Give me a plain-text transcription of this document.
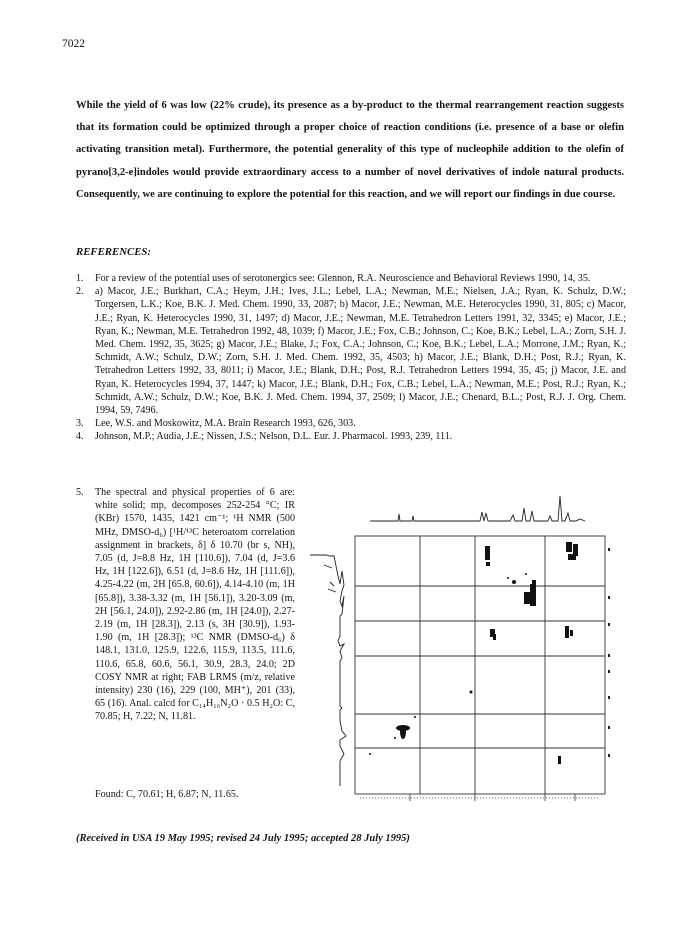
7022
While the yield of 6 was low (22% crude), its presence as a by-product to the thermal rearrangement reaction suggests that its formation could be optimized through a proper choice of reaction conditions (i.e. presence of a base or olefin activating transition metal). Furthermore, the potential generality of this type of nucleophile addition to the olefin of pyrano[3,2-e]indoles would provide extraordinary access to a number of novel derivatives of indole natural products. Consequently, we are continuing to explore the potential for this reaction, and we will report our findings in due course.
REFERENCES:
1. For a review of the potential uses of serotonergics see: Glennon, R.A. Neuroscience and Behavioral Reviews 1990, 14, 35.
2. a) Macor, J.E.; Burkhart, C.A.; Heym, J.H.; Ives, J.L.; Lebel, L.A.; Newman, M.E.; Nielsen, J.A.; Ryan, K. Schulz, D.W.; Torgersen, L.K.; Koe, B.K. J. Med. Chem. 1990, 33, 2087; b) Macor, J.E.; Newman, M.E. Heterocycles 1990, 31, 805; c) Macor, J.E.; Ryan, K. Heterocycles 1990, 31, 1497; d) Macor, J.E.; Newman, M.E. Tetrahedron Letters 1991, 32, 3345; e) Macor, J.E.; Ryan, K.; Newman, M.E. Tetrahedron 1992, 48, 1039; f) Macor, J.E.; Fox, C.B.; Johnson, C.; Koe, B.K.; Lebel, L.A.; Zorn, S.H. J. Med. Chem. 1992, 35, 3625; g) Macor, J.E.; Blake, J.; Fox, C.A.; Johnson, C.; Koe, B.K.; Lebel, L.A.; Morrone, J.M.; Ryan, K.; Schmidt, A.W.; Schulz, D.W.; Zorn, S.H. J. Med. Chem. 1992, 35, 4503; h) Macor, J.E.; Blank, D.H.; Post, R.J.; Ryan, K. Tetrahedron Letters 1992, 33, 8011; i) Macor, J.E.; Blank, D.H.; Post, R.J. Tetrahedron Letters 1994, 35, 45; j) Macor, J.E. and Ryan, K. Heterocycles 1994, 37, 1447; k) Macor, J.E.; Blank, D.H.; Fox, C.B.; Lebel, L.A.; Newman, M.E.; Post, R.J.; Ryan, K.; Schmidt, A.W.; Schulz, D.W.; Koe, B.K. J. Med. Chem. 1994, 37, 2509; l) Macor, J.E.; Chenard, B.L.; Post, R.J. J. Org. Chem. 1994, 59, 7496.
3. Lee, W.S. and Moskowitz, M.A. Brain Research 1993, 626, 303.
4. Johnson, M.P.; Audia, J.E.; Nissen, J.S.; Nelson, D.L. Eur. J. Pharmacol. 1993, 239, 111.
5. The spectral and physical properties of 6 are: white solid; mp, decomposes 252-254 °C; IR (KBr) 1570, 1435, 1421 cm⁻¹; ¹H NMR (500 MHz, DMSO-d₆) [¹H/¹³C heteroatom correlation assignment in brackets, δ] δ 10.70 (br s, NH), 7.05 (d, J=8.8 Hz, 1H [110.6]), 7.04 (d, J=3.6 Hz, 1H [122.6]), 6.51 (d, J=8.6 Hz, 1H [111.6]), 4.25-4.22 (m, 2H [65.8, 60.6]), 4.14-4.10 (m, 1H [65.8]), 3.38-3.32 (m, 1H [56.1]), 3.20-3.09 (m, 2H [56.1, 24.0]), 2.92-2.86 (m, 1H [24.0]), 2.27-2.19 (m, 1H [28.3]), 2.13 (s, 3H [30.9]), 1.93-1.90 (m, 1H [28.3]); ¹³C NMR (DMSO-d₆) δ 148.1, 131.0, 125.9, 122.6, 115.9, 113.5, 111.6, 110.6, 65.8, 60.6, 56.1, 30.9, 28.3, 24.0; 2D COSY NMR at right; FAB LRMS (m/z, relative intensity) 230 (16), 229 (100, MH⁺), 201 (33), 65 (16). Anal. calcd for C₁₄H₁₆N₂O · 0.5 H₂O: C, 70.85; H, 7.22; N, 11.81.
Found: C, 70.61; H, 6.87; N, 11.65.
(Received in USA 19 May 1995; revised 24 July 1995; accepted 28 July 1995)
